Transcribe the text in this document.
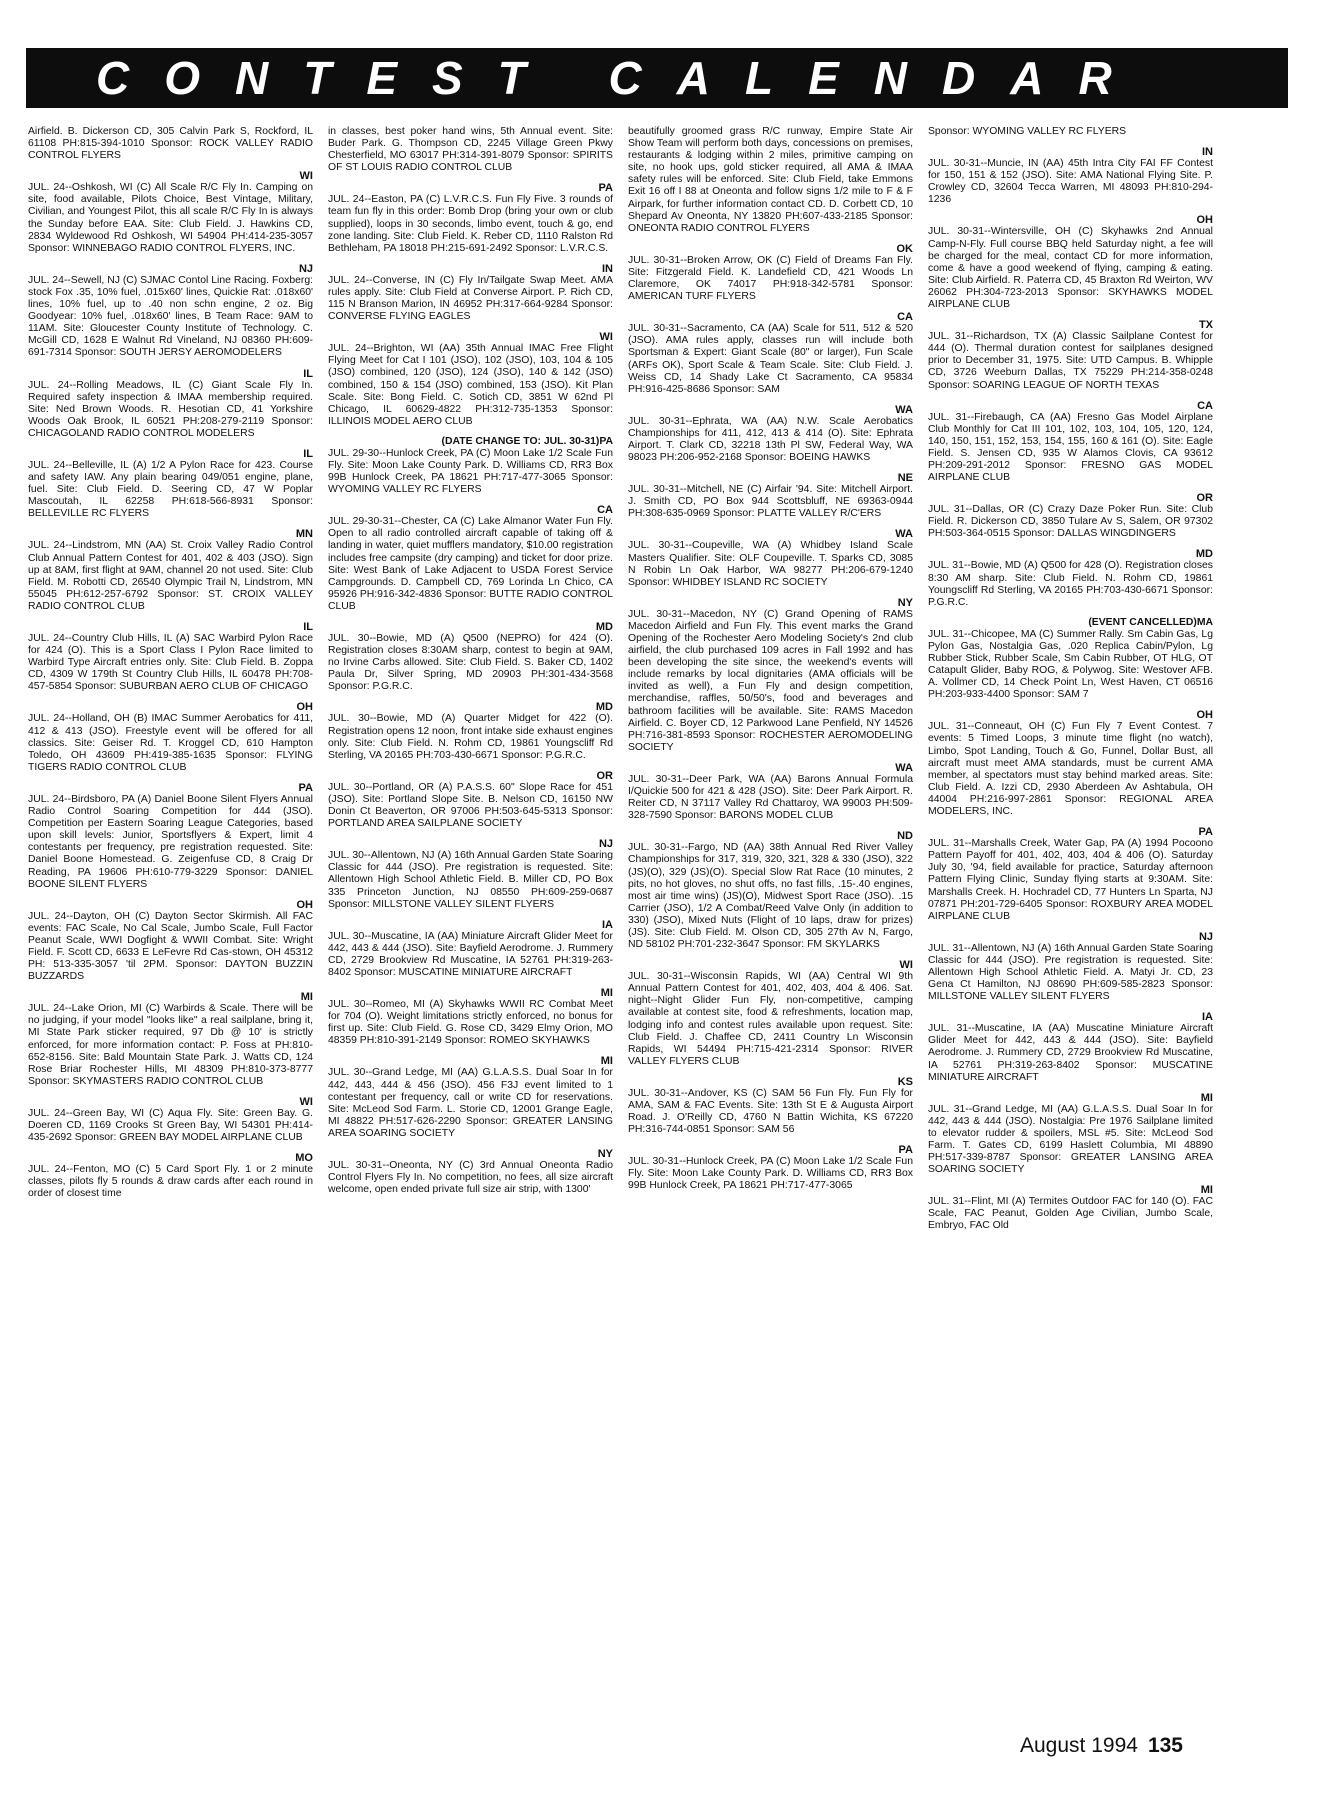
CONTEST CALENDAR
Airfield. B. Dickerson CD, 305 Calvin Park S, Rockford, IL 61108 PH:815-394-1010 Sponsor: ROCK VALLEY RADIO CONTROL FLYERS
WI
JUL. 24--Oshkosh, WI (C) All Scale R/C Fly In. Camping on site, food available, Pilots Choice, Best Vintage, Military, Civilian, and Youngest Pilot, this all scale R/C Fly In is always the Sunday before EAA. Site: Club Field. J. Hawkins CD, 2834 Wyldewood Rd Oshkosh, WI 54904 PH:414-235-3057 Sponsor: WINNEBAGO RADIO CONTROL FLYERS, INC.
NJ
JUL. 24--Sewell, NJ (C) SJMAC Contol Line Racing. Foxberg: stock Fox .35, 10% fuel, .015x60' lines, Quickie Rat: .018x60' lines, 10% fuel, up to .40 non schn engine, 2 oz. Big Goodyear: 10% fuel, .018x60' lines, B Team Race: 9AM to 11AM. Site: Gloucester County Institute of Technology. C. McGill CD, 1628 E Walnut Rd Vineland, NJ 08360 PH:609-691-7314 Sponsor: SOUTH JERSY AEROMODELERS
IL
JUL. 24--Rolling Meadows, IL (C) Giant Scale Fly In. Required safety inspection & IMAA membership required. Site: Ned Brown Woods. R. Hesotian CD, 41 Yorkshire Woods Oak Brook, IL 60521 PH:208-279-2119 Sponsor: CHICAGOLAND RADIO CONTROL MODELERS
IL
JUL. 24--Belleville, IL (A) 1/2 A Pylon Race for 423. Course and safety IAW. Any plain bearing 049/051 engine, plane, fuel. Site: Club Field. D. Seering CD, 47 W Poplar Mascoutah, IL 62258 PH:618-566-8931 Sponsor: BELLEVILLE RC FLYERS
MN
JUL. 24--Lindstrom, MN (AA) St. Croix Valley Radio Control Club Annual Pattern Contest for 401, 402 & 403 (JSO). Sign up at 8AM, first flight at 9AM, channel 20 not used. Site: Club Field. M. Robotti CD, 26540 Olympic Trail N, Lindstrom, MN 55045 PH:612-257-6792 Sponsor: ST. CROIX VALLEY RADIO CONTROL CLUB
IL
JUL. 24--Country Club Hills, IL (A) SAC Warbird Pylon Race for 424 (O). This is a Sport Class I Pylon Race limited to Warbird Type Aircraft entries only. Site: Club Field. B. Zoppa CD, 4309 W 179th St Country Club Hills, IL 60478 PH:708-457-5854 Sponsor: SUBURBAN AERO CLUB OF CHICAGO
OH
JUL. 24--Holland, OH (B) IMAC Summer Aerobatics for 411, 412 & 413 (JSO). Freestyle event will be offered for all classics. Site: Geiser Rd. T. Kroggel CD, 610 Hampton Toledo, OH 43609 PH:419-385-1635 Sponsor: FLYING TIGERS RADIO CONTROL CLUB
PA
JUL. 24--Birdsboro, PA (A) Daniel Boone Silent Flyers Annual Radio Control Soaring Competition for 444 (JSO). Competition per Eastern Soaring League Categories, based upon skill levels: Junior, Sportsflyers & Expert, limit 4 contestants per frequency, pre registration requested. Site: Daniel Boone Homestead. G. Zeigenfuse CD, 8 Craig Dr Reading, PA 19606 PH:610-779-3229 Sponsor: DANIEL BOONE SILENT FLYERS
OH
JUL. 24--Dayton, OH (C) Dayton Sector Skirmish. All FAC events: FAC Scale, No Cal Scale, Jumbo Scale, Full Factor Peanut Scale, WWI Dogfight & WWII Combat. Site: Wright Field. F. Scott CD, 6633 E LeFevre Rd Cas-stown, OH 45312 PH: 513-335-3057 'til 2PM. Sponsor: DAYTON BUZZIN BUZZARDS
MI
JUL. 24--Lake Orion, MI (C) Warbirds & Scale. There will be no judging, if your model "looks like" a real sailplane, bring it, MI State Park sticker required, 97 Db @ 10' is strictly enforced, for more information contact: P. Foss at PH:810-652-8156. Site: Bald Mountain State Park. J. Watts CD, 124 Rose Briar Rochester Hills, MI 48309 PH:810-373-8777 Sponsor: SKYMASTERS RADIO CONTROL CLUB
WI
JUL. 24--Green Bay, WI (C) Aqua Fly. Site: Green Bay. G. Doeren CD, 1169 Crooks St Green Bay, WI 54301 PH:414-435-2692 Sponsor: GREEN BAY MODEL AIRPLANE CLUB
MO
JUL. 24--Fenton, MO (C) 5 Card Sport Fly. 1 or 2 minute classes, pilots fly 5 rounds & draw cards after each round in order of closest time
in classes, best poker hand wins, 5th Annual event. Site: Buder Park. G. Thompson CD, 2245 Village Green Pkwy Chesterfield, MO 63017 PH:314-391-8079 Sponsor: SPIRITS OF ST LOUIS RADIO CONTROL CLUB
PA
JUL. 24--Easton, PA (C) L.V.R.C.S. Fun Fly Five. 3 rounds of team fun fly in this order: Bomb Drop (bring your own or club supplied), loops in 30 seconds, limbo event, touch & go, end zone landing. Site: Club Field. K. Reber CD, 1110 Ralston Rd Bethleham, PA 18018 PH:215-691-2492 Sponsor: L.V.R.C.S.
IN
JUL. 24--Converse, IN (C) Fly In/Tailgate Swap Meet. AMA rules apply. Site: Club Field at Converse Airport. P. Rich CD, 115 N Branson Marion, IN 46952 PH:317-664-9284 Sponsor: CONVERSE FLYING EAGLES
WI
JUL. 24--Brighton, WI (AA) 35th Annual IMAC Free Flight Flying Meet for Cat I 101 (JSO), 102 (JSO), 103, 104 & 105 (JSO) combined, 120 (JSO), 124 (JSO), 140 & 142 (JSO) combined, 150 & 154 (JSO) combined, 153 (JSO). Kit Plan Scale. Site: Bong Field. C. Sotich CD, 3851 W 62nd Pl Chicago, IL 60629-4822 PH:312-735-1353 Sponsor: ILLINOIS MODEL AERO CLUB
(DATE CHANGE TO: JUL. 30-31)PA
JUL. 29-30--Hunlock Creek, PA (C) Moon Lake 1/2 Scale Fun Fly. Site: Moon Lake County Park. D. Williams CD, RR3 Box 99B Hunlock Creek, PA 18621 PH:717-477-3065 Sponsor: WYOMING VALLEY RC FLYERS
CA
JUL. 29-30-31--Chester, CA (C) Lake Almanor Water Fun Fly. Open to all radio controlled aircraft capable of taking off & landing in water, quiet mufflers mandatory, $10.00 registration includes free campsite (dry camping) and ticket for door prize. Site: West Bank of Lake Adjacent to USDA Forest Service Campgrounds. D. Campbell CD, 769 Lorinda Ln Chico, CA 95926 PH:916-342-4836 Sponsor: BUTTE RADIO CONTROL CLUB
MD
JUL. 30--Bowie, MD (A) Q500 (NEPRO) for 424 (O). Registration closes 8:30AM sharp, contest to begin at 9AM, no Irvine Carbs allowed. Site: Club Field. S. Baker CD, 1402 Paula Dr, Silver Spring, MD 20903 PH:301-434-3568 Sponsor: P.G.R.C.
MD
JUL. 30--Bowie, MD (A) Quarter Midget for 422 (O). Registration opens 12 noon, front intake side exhaust engines only. Site: Club Field. N. Rohm CD, 19861 Youngscliff Rd Sterling, VA 20165 PH:703-430-6671 Sponsor: P.G.R.C.
OR
JUL. 30--Portland, OR (A) P.A.S.S. 60" Slope Race for 451 (JSO). Site: Portland Slope Site. B. Nelson CD, 16150 NW Donin Ct Beaverton, OR 97006 PH:503-645-5313 Sponsor: PORTLAND AREA SAILPLANE SOCIETY
NJ
JUL. 30--Allentown, NJ (A) 16th Annual Garden State Soaring Classic for 444 (JSO). Pre registration is requested. Site: Allentown High School Athletic Field. B. Miller CD, PO Box 335 Princeton Junction, NJ 08550 PH:609-259-0687 Sponsor: MILLSTONE VALLEY SILENT FLYERS
IA
JUL. 30--Muscatine, IA (AA) Miniature Aircraft Glider Meet for 442, 443 & 444 (JSO). Site: Bayfield Aerodrome. J. Rummery CD, 2729 Brookview Rd Muscatine, IA 52761 PH:319-263-8402 Sponsor: MUSCATINE MINIATURE AIRCRAFT
MI
JUL. 30--Romeo, MI (A) Skyhawks WWII RC Combat Meet for 704 (O). Weight limitations strictly enforced, no bonus for first up. Site: Club Field. G. Rose CD, 3429 Elmy Orion, MO 48359 PH:810-391-2149 Sponsor: ROMEO SKYHAWKS
MI
JUL. 30--Grand Ledge, MI (AA) G.L.A.S.S. Dual Soar In for 442, 443, 444 & 456 (JSO). 456 F3J event limited to 1 contestant per frequency, call or write CD for reservations. Site: McLeod Sod Farm. L. Storie CD, 12001 Grange Eagle, MI 48822 PH:517-626-2290 Sponsor: GREATER LANSING AREA SOARING SOCIETY
NY
JUL. 30-31--Oneonta, NY (C) 3rd Annual Oneonta Radio Control Flyers Fly In. No competition, no fees, all size aircraft welcome, open ended private full size air strip, with 1300'
beautifully groomed grass R/C runway, Empire State Air Show Team will perform both days, concessions on premises, restaurants & lodging within 2 miles, primitive camping on site, no hook ups, gold sticker required, all AMA & IMAA safety rules will be enforced. Site: Club Field, take Emmons Exit 16 off I 88 at Oneonta and follow signs 1/2 mile to F & F Airpark, for further information contact CD. D. Corbett CD, 10 Shepard Av Oneonta, NY 13820 PH:607-433-2185 Sponsor: ONEONTA RADIO CONTROL FLYERS
OK
JUL. 30-31--Broken Arrow, OK (C) Field of Dreams Fan Fly. Site: Fitzgerald Field. K. Landefield CD, 421 Woods Ln Claremore, OK 74017 PH:918-342-5781 Sponsor: AMERICAN TURF FLYERS
CA
JUL. 30-31--Sacramento, CA (AA) Scale for 511, 512 & 520 (JSO). AMA rules apply, classes run will include both Sportsman & Expert: Giant Scale (80" or larger), Fun Scale (ARFs OK), Sport Scale & Team Scale. Site: Club Field. J. Weiss CD, 14 Shady Lake Ct Sacramento, CA 95834 PH:916-425-8686 Sponsor: SAM
WA
JUL. 30-31--Ephrata, WA (AA) N.W. Scale Aerobatics Championships for 411, 412, 413 & 414 (O). Site: Ephrata Airport. T. Clark CD, 32218 13th Pl SW, Federal Way, WA 98023 PH:206-952-2168 Sponsor: BOEING HAWKS
NE
JUL. 30-31--Mitchell, NE (C) Airfair '94. Site: Mitchell Airport. J. Smith CD, PO Box 944 Scottsbluff, NE 69363-0944 PH:308-635-0969 Sponsor: PLATTE VALLEY R/C'ERS
WA
JUL. 30-31--Coupeville, WA (A) Whidbey Island Scale Masters Qualifier. Site: OLF Coupeville. T. Sparks CD, 3085 N Robin Ln Oak Harbor, WA 98277 PH:206-679-1240 Sponsor: WHIDBEY ISLAND RC SOCIETY
NY
JUL. 30-31--Macedon, NY (C) Grand Opening of RAMS Macedon Airfield and Fun Fly. This event marks the Grand Opening of the Rochester Aero Modeling Society's 2nd club airfield, the club purchased 109 acres in Fall 1992 and has been developing the site since, the weekend's events will include remarks by local dignitaries (AMA officials will be invited as well), a Fun Fly and design competition, merchandise, raffles, 50/50's, food and beverages and bathroom facilities will be available. Site: RAMS Macedon Airfield. C. Boyer CD, 12 Parkwood Lane Penfield, NY 14526 PH:716-381-8593 Sponsor: ROCHESTER AEROMODELING SOCIETY
WA
JUL. 30-31--Deer Park, WA (AA) Barons Annual Formula I/Quickie 500 for 421 & 428 (JSO). Site: Deer Park Airport. R. Reiter CD, N 37117 Valley Rd Chattaroy, WA 99003 PH:509-328-7590 Sponsor: BARONS MODEL CLUB
ND
JUL. 30-31--Fargo, ND (AA) 38th Annual Red River Valley Championships for 317, 319, 320, 321, 328 & 330 (JSO), 322 (JS)(O), 329 (JS)(O). Special Slow Rat Race (10 minutes, 2 pits, no hot gloves, no shut offs, no fast fills, .15-.40 engines, most air time wins) (JS)(O), Midwest Sport Race (JSO). .15 Carrier (JSO), 1/2 A Combat/Reed Valve Only (in addition to 330) (JSO), Mixed Nuts (Flight of 10 laps, draw for prizes) (JS). Site: Club Field. M. Olson CD, 305 27th Av N, Fargo, ND 58102 PH:701-232-3647 Sponsor: FM SKYLARKS
WI
JUL. 30-31--Wisconsin Rapids, WI (AA) Central WI 9th Annual Pattern Contest for 401, 402, 403, 404 & 406. Sat. night--Night Glider Fun Fly, non-competitive, camping available at contest site, food & refreshments, location map, lodging info and contest rules available upon request. Site: Club Field. J. Chaffee CD, 2411 Country Ln Wisconsin Rapids, WI 54494 PH:715-421-2314 Sponsor: RIVER VALLEY FLYERS CLUB
KS
JUL. 30-31--Andover, KS (C) SAM 56 Fun Fly. Fun Fly for AMA, SAM & FAC Events. Site: 13th St E & Augusta Airport Road. J. O'Reilly CD, 4760 N Battin Wichita, KS 67220 PH:316-744-0851 Sponsor: SAM 56
PA
JUL. 30-31--Hunlock Creek, PA (C) Moon Lake 1/2 Scale Fun Fly. Site: Moon Lake County Park. D. Williams CD, RR3 Box 99B Hunlock Creek, PA 18621 PH:717-477-3065
Sponsor: WYOMING VALLEY RC FLYERS
IN
JUL. 30-31--Muncie, IN (AA) 45th Intra City FAI FF Contest for 150, 151 & 152 (JSO). Site: AMA National Flying Site. P. Crowley CD, 32604 Tecca Warren, MI 48093 PH:810-294-1236
OH
JUL. 30-31--Wintersville, OH (C) Skyhawks 2nd Annual Camp-N-Fly. Full course BBQ held Saturday night, a fee will be charged for the meal, contact CD for more information, come & have a good weekend of flying, camping & eating. Site: Club Airfield. R. Paterra CD, 45 Braxton Rd Weirton, WV 26062 PH:304-723-2013 Sponsor: SKYHAWKS MODEL AIRPLANE CLUB
TX
JUL. 31--Richardson, TX (A) Classic Sailplane Contest for 444 (O). Thermal duration contest for sailplanes designed prior to December 31, 1975. Site: UTD Campus. B. Whipple CD, 3726 Weeburn Dallas, TX 75229 PH:214-358-0248 Sponsor: SOARING LEAGUE OF NORTH TEXAS
CA
JUL. 31--Firebaugh, CA (AA) Fresno Gas Model Airplane Club Monthly for Cat III 101, 102, 103, 104, 105, 120, 124, 140, 150, 151, 152, 153, 154, 155, 160 & 161 (O). Site: Eagle Field. S. Jensen CD, 935 W Alamos Clovis, CA 93612 PH:209-291-2012 Sponsor: FRESNO GAS MODEL AIRPLANE CLUB
OR
JUL. 31--Dallas, OR (C) Crazy Daze Poker Run. Site: Club Field. R. Dickerson CD, 3850 Tulare Av S, Salem, OR 97302 PH:503-364-0515 Sponsor: DALLAS WINGDINGERS
MD
JUL. 31--Bowie, MD (A) Q500 for 428 (O). Registration closes 8:30 AM sharp. Site: Club Field. N. Rohm CD, 19861 Youngscliff Rd Sterling, VA 20165 PH:703-430-6671 Sponsor: P.G.R.C.
(EVENT CANCELLED)MA
JUL. 31--Chicopee, MA (C) Summer Rally. Sm Cabin Gas, Lg Pylon Gas, Nostalgia Gas, .020 Replica Cabin/Pylon, Lg Rubber Stick, Rubber Scale, Sm Cabin Rubber, OT HLG, OT Catapult Glider, Baby ROG, & Polywog. Site: Westover AFB. A. Vollmer CD, 14 Check Point Ln, West Haven, CT 06516 PH:203-933-4400 Sponsor: SAM 7
OH
JUL. 31--Conneaut, OH (C) Fun Fly 7 Event Contest. 7 events: 5 Timed Loops, 3 minute time flight (no watch), Limbo, Spot Landing, Touch & Go, Funnel, Dollar Bust, all aircraft must meet AMA standards, must be current AMA member, al spectators must stay behind marked areas. Site: Club Field. A. Izzi CD, 2930 Aberdeen Av Ashtabula, OH 44004 PH:216-997-2861 Sponsor: REGIONAL AREA MODELERS, INC.
PA
JUL. 31--Marshalls Creek, Water Gap, PA (A) 1994 Pocoono Pattern Payoff for 401, 402, 403, 404 & 406 (O). Saturday July 30, '94, field available for practice, Saturday afternoon Pattern Flying Clinic, Sunday flying starts at 9:30AM. Site: Marshalls Creek. H. Hochradel CD, 77 Hunters Ln Sparta, NJ 07871 PH:201-729-6405 Sponsor: ROXBURY AREA MODEL AIRPLANE CLUB
NJ
JUL. 31--Allentown, NJ (A) 16th Annual Garden State Soaring Classic for 444 (JSO). Pre registration is requested. Site: Allentown High School Athletic Field. A. Matyi Jr. CD, 23 Gena Ct Hamilton, NJ 08690 PH:609-585-2823 Sponsor: MILLSTONE VALLEY SILENT FLYERS
IA
JUL. 31--Muscatine, IA (AA) Muscatine Miniature Aircraft Glider Meet for 442, 443 & 444 (JSO). Site: Bayfield Aerodrome. J. Rummery CD, 2729 Brookview Rd Muscatine, IA 52761 PH:319-263-8402 Sponsor: MUSCATINE MINIATURE AIRCRAFT
MI
JUL. 31--Grand Ledge, MI (AA) G.L.A.S.S. Dual Soar In for 442, 443 & 444 (JSO). Nostalgia: Pre 1976 Sailplane limited to elevator rudder & spoilers, MSL #5. Site: McLeod Sod Farm. T. Gates CD, 6199 Haslett Columbia, MI 48890 PH:517-339-8787 Sponsor: GREATER LANSING AREA SOARING SOCIETY
MI
JUL. 31--Flint, MI (A) Termites Outdoor FAC for 140 (O). FAC Scale, FAC Peanut, Golden Age Civilian, Jumbo Scale, Embryo, FAC Old
August 1994 135
